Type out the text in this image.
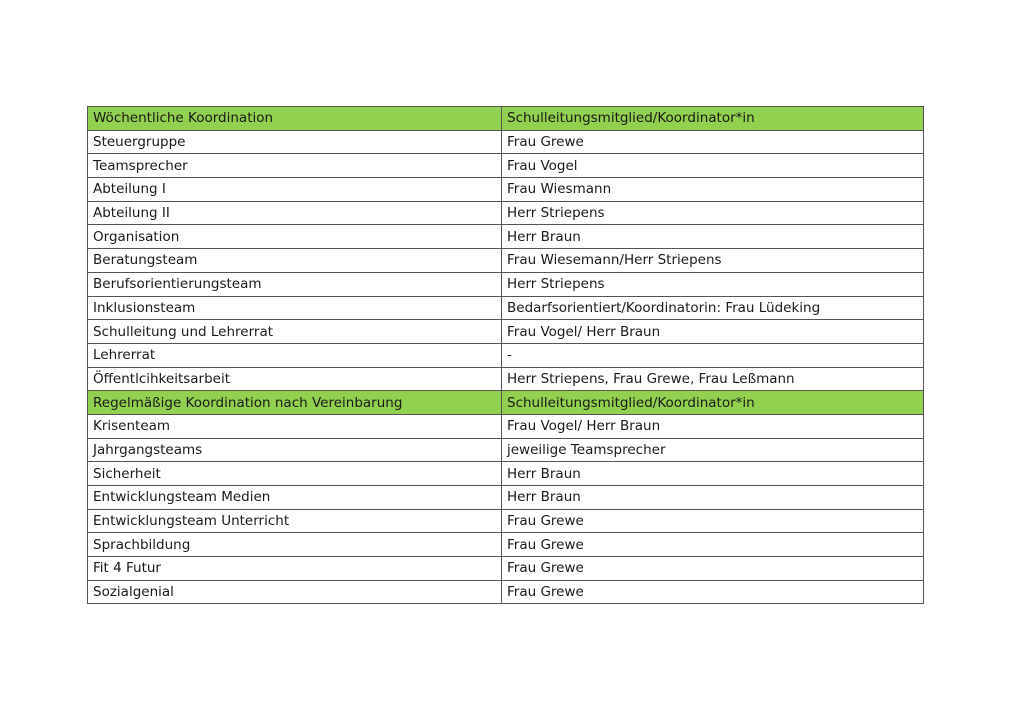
Wöchentliche Koordination	Schulleitungsmitglied/Koordinator*in
Steuergruppe	Frau Grewe
Teamsprecher	Frau Vogel
Abteilung I	Frau Wiesmann
Abteilung II	Herr Striepens
Organisation	Herr Braun
Beratungsteam	Frau Wiesemann/Herr Striepens
Berufsorientierungsteam	Herr Striepens
Inklusionsteam	Bedarfsorientiert/Koordinatorin: Frau Lüdeking
Schulleitung und Lehrerrat	Frau Vogel/ Herr Braun
Lehrerrat	-
Öffentlcihkeitsarbeit	Herr Striepens, Frau Grewe, Frau Leßmann
Regelmäßige Koordination nach Vereinbarung	Schulleitungsmitglied/Koordinator*in
Krisenteam	Frau Vogel/ Herr Braun
Jahrgangsteams	jeweilige Teamsprecher
Sicherheit	Herr Braun
Entwicklungsteam Medien	Herr Braun
Entwicklungsteam Unterricht	Frau Grewe
Sprachbildung	Frau Grewe
Fit 4 Futur	Frau Grewe
Sozialgenial	Frau Grewe
